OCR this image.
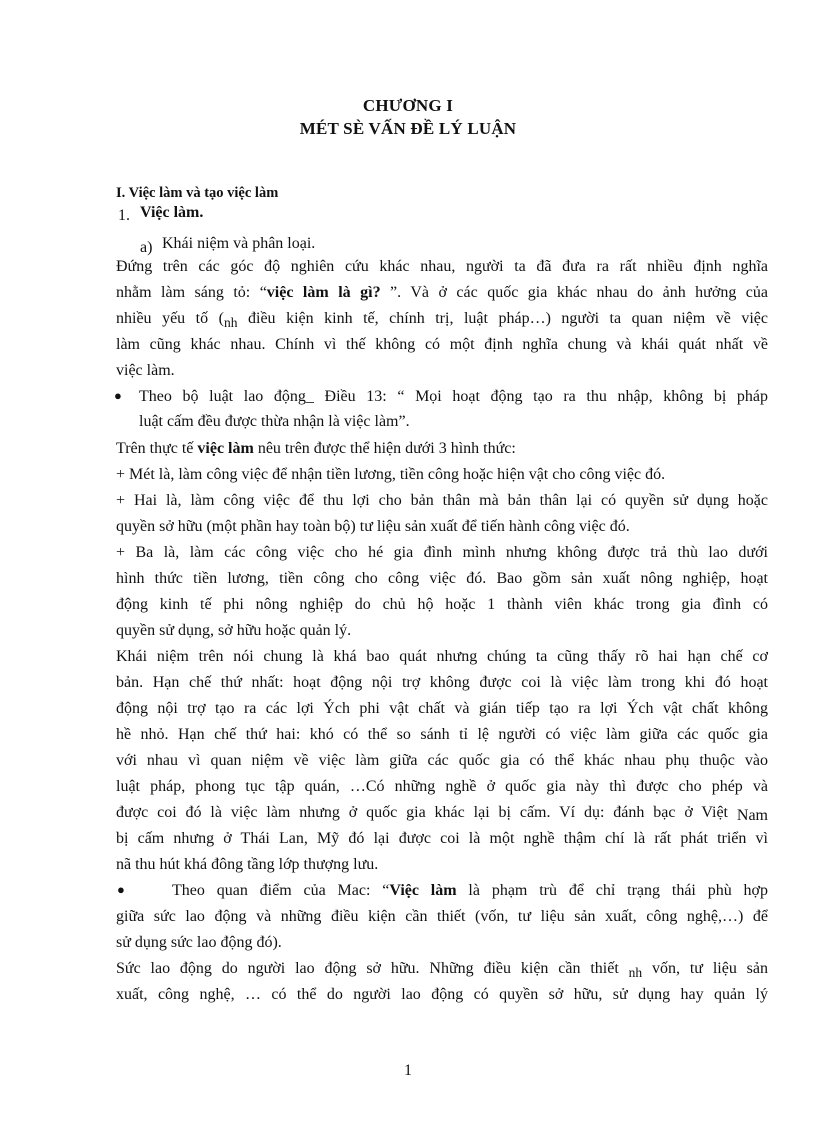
CHƯƠNG I
MÉT SÈ VẤN ĐỀ LÝ LUẬN
I. Việc làm và tạo việc làm
1. Việc làm.
a) Khái niệm và phân loại.
Đứng trên các góc độ nghiên cứu khác nhau, người ta đã đưa ra rất nhiều định nghĩa
nhằm làm sáng tỏ: “việc làm là gì? ”. Và ở các quốc gia khác nhau do ảnh hưởng của
nhiều yếu tố ($_{nh}$ điều kiện kinh tế, chính trị, luật pháp…) người ta quan niệm về việc
làm cũng khác nhau. Chính vì thế không có một định nghĩa chung và khái quát nhất về
việc làm.
● Theo bộ luật lao động_ Điều 13: “ Mọi hoạt động tạo ra thu nhập, không bị pháp
luật cấm đều được thừa nhận là việc làm”.
Trên thực tế việc làm nêu trên được thể hiện dưới 3 hình thức:
+ Mét là, làm công việc để nhận tiền lương, tiền công hoặc hiện vật cho công việc đó.
+ Hai là, làm công việc để thu lợi cho bản thân mà bản thân lại có quyền sử dụng hoặc
quyền sở hữu (một phần hay toàn bộ) tư liệu sản xuất để tiến hành công việc đó.
+ Ba là, làm các công việc cho hé gia đình mình nhưng không được trả thù lao dưới
hình thức tiền lương, tiền công cho công việc đó. Bao gồm sản xuất nông nghiệp, hoạt
động kinh tế phi nông nghiệp do chủ hộ hoặc 1 thành viên khác trong gia đình có
quyền sử dụng, sở hữu hoặc quản lý.
Khái niệm trên nói chung là khá bao quát nhưng chúng ta cũng thấy rõ hai hạn chế cơ
bản. Hạn chế thứ nhất: hoạt động nội trợ không được coi là việc làm trong khi đó hoạt
động nội trợ tạo ra các lợi Ých phi vật chất và gián tiếp tạo ra lợi Ých vật chất không
hề nhỏ. Hạn chế thứ hai: khó có thể so sánh tỉ lệ người có việc làm giữa các quốc gia
với nhau vì quan niệm về việc làm giữa các quốc gia có thể khác nhau phụ thuộc vào
luật pháp, phong tục tập quán, …Có những nghề ở quốc gia này thì được cho phép và
được coi đó là việc làm nhưng ở quốc gia khác lại bị cấm. Ví dụ: đánh bạc ở Việt Nam
bị cấm nhưng ở Thái Lan, Mỹ đó lại được coi là một nghề thậm chí là rất phát triển vì
nã thu hút khá đông tầng lớp thượng lưu.
●	Theo quan điểm của Mac: “Việc làm là phạm trù để chỉ trạng thái phù hợp
giữa sức lao động và những điều kiện cần thiết (vốn, tư liệu sản xuất, công nghệ,…) để
sử dụng sức lao động đó).
Sức lao động do người lao động sở hữu. Những điều kiện cần thiết $_{nh}$ vốn, tư liệu sản
xuất, công nghệ, … có thể do người lao động có quyền sở hữu, sử dụng hay quản lý
1
